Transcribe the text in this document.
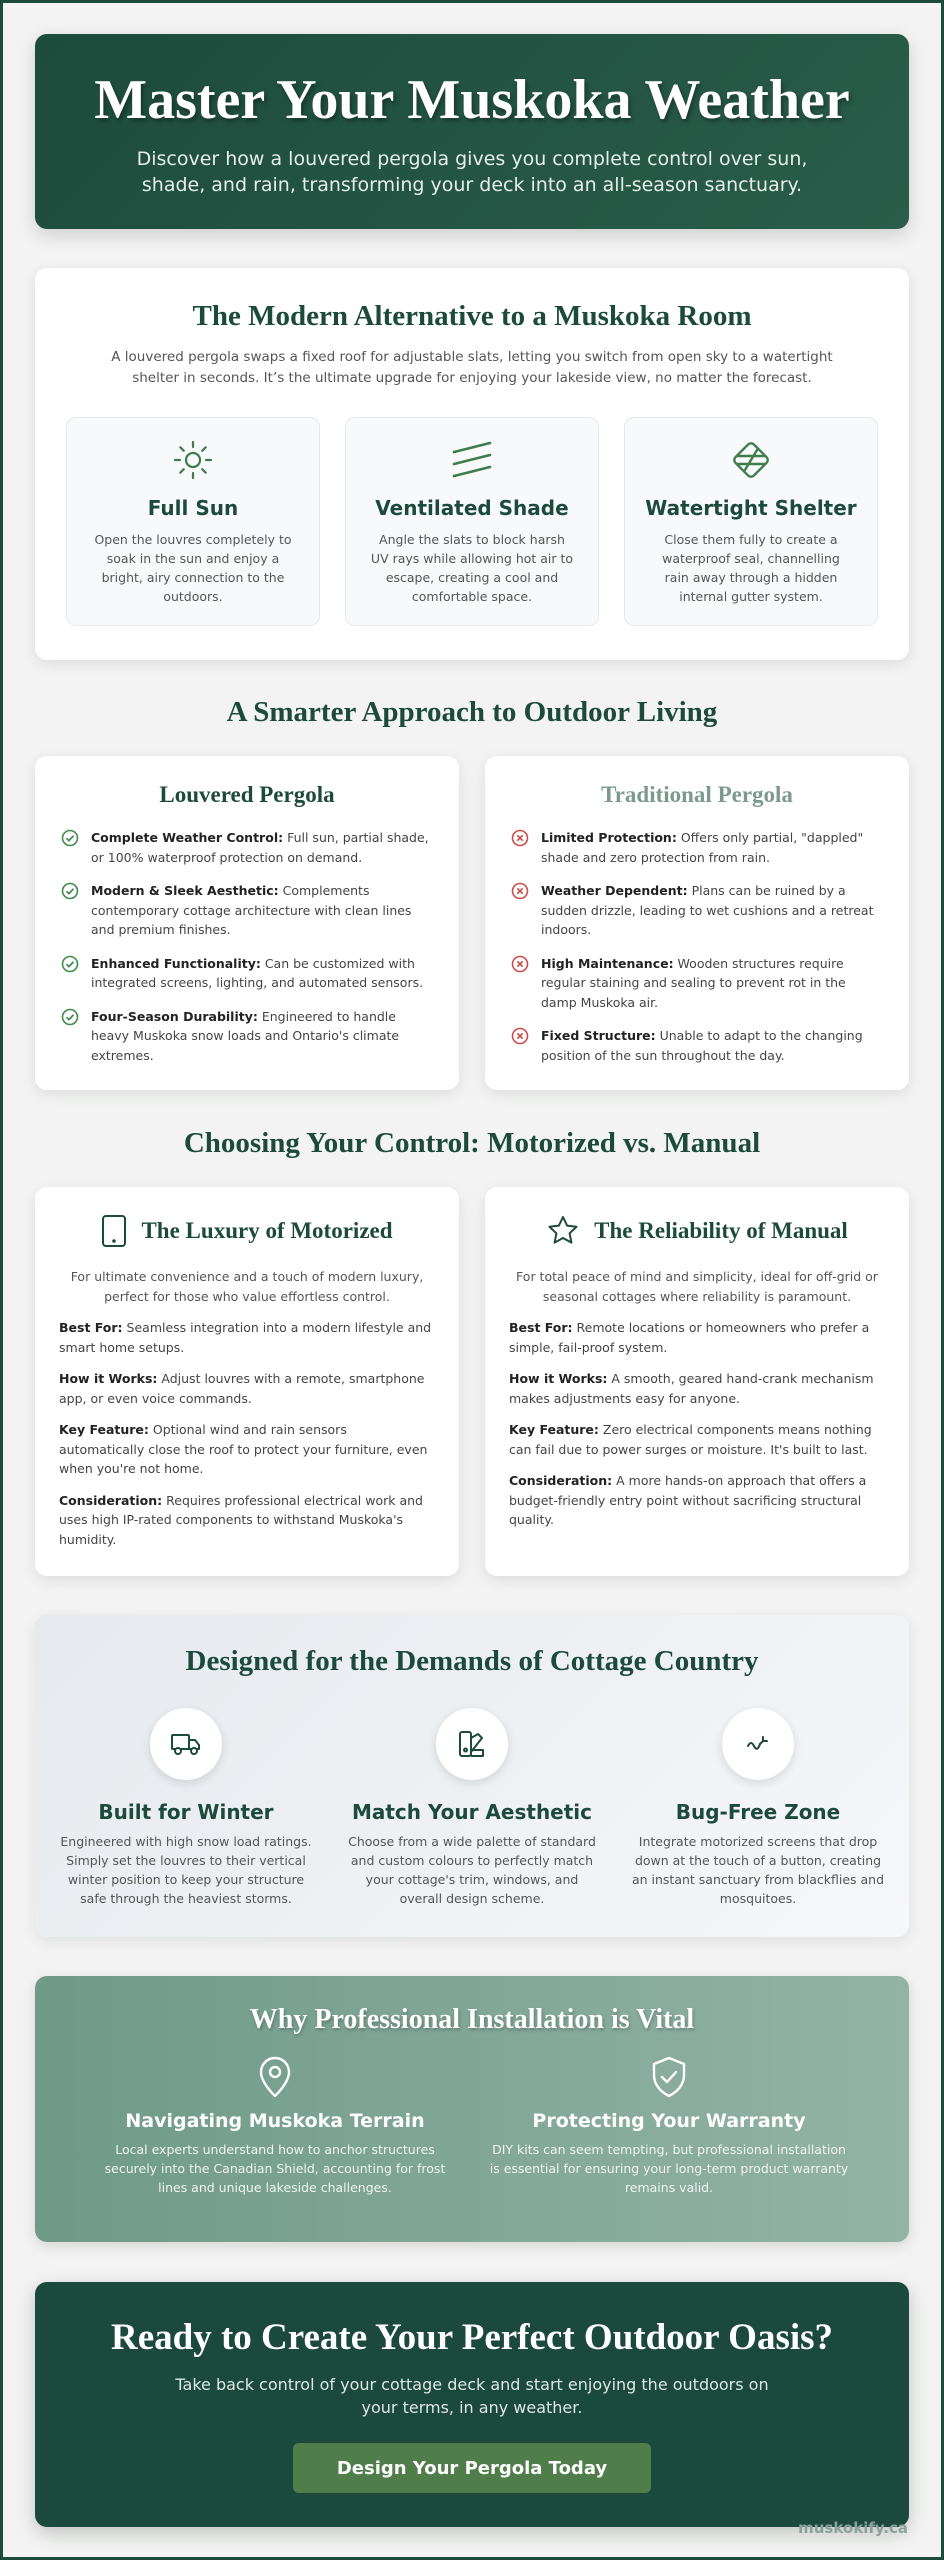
Master Your Muskoka Weather

Discover how a louvered pergola gives you complete control over sun, shade, and rain, transforming your deck into an all-season sanctuary.

The Modern Alternative to a Muskoka Room

A louvered pergola swaps a fixed roof for adjustable slats, letting you switch from open sky to a watertight shelter in seconds. It’s the ultimate upgrade for enjoying your lakeside view, no matter the forecast.

Full Sun

Open the louvres completely to soak in the sun and enjoy a bright, airy connection to the outdoors.

Ventilated Shade

Angle the slats to block harsh UV rays while allowing hot air to escape, creating a cool and comfortable space.

Watertight Shelter

Close them fully to create a waterproof seal, channelling rain away through a hidden internal gutter system.

A Smarter Approach to Outdoor Living
Louvered Pergola
Complete Weather Control: Full sun, partial shade, or 100% waterproof protection on demand.
Modern & Sleek Aesthetic: Complements contemporary cottage architecture with clean lines and premium finishes.
Enhanced Functionality: Can be customized with integrated screens, lighting, and automated sensors.
Four-Season Durability: Engineered to handle heavy Muskoka snow loads and Ontario's climate extremes.
Traditional Pergola
Limited Protection: Offers only partial, "dappled" shade and zero protection from rain.
Weather Dependent: Plans can be ruined by a sudden drizzle, leading to wet cushions and a retreat indoors.
High Maintenance: Wooden structures require regular staining and sealing to prevent rot in the damp Muskoka air.
Fixed Structure: Unable to adapt to the changing position of the sun throughout the day.
Choosing Your Control: Motorized vs. Manual
The Luxury of Motorized

For ultimate convenience and a touch of modern luxury, perfect for those who value effortless control.

Best For: Seamless integration into a modern lifestyle and smart home setups.

How it Works: Adjust louvres with a remote, smartphone app, or even voice commands.

Key Feature: Optional wind and rain sensors automatically close the roof to protect your furniture, even when you're not home.

Consideration: Requires professional electrical work and uses high IP-rated components to withstand Muskoka's humidity.

The Reliability of Manual

For total peace of mind and simplicity, ideal for off-grid or seasonal cottages where reliability is paramount.

Best For: Remote locations or homeowners who prefer a simple, fail-proof system.

How it Works: A smooth, geared hand-crank mechanism makes adjustments easy for anyone.

Key Feature: Zero electrical components means nothing can fail due to power surges or moisture. It's built to last.

Consideration: A more hands-on approach that offers a budget-friendly entry point without sacrificing structural quality.

Designed for the Demands of Cottage Country
Built for Winter

Engineered with high snow load ratings. Simply set the louvres to their vertical winter position to keep your structure safe through the heaviest storms.

Match Your Aesthetic

Choose from a wide palette of standard and custom colours to perfectly match your cottage's trim, windows, and overall design scheme.

Bug-Free Zone

Integrate motorized screens that drop down at the touch of a button, creating an instant sanctuary from blackflies and mosquitoes.

Why Professional Installation is Vital
Navigating Muskoka Terrain

Local experts understand how to anchor structures securely into the Canadian Shield, accounting for frost lines and unique lakeside challenges.

Protecting Your Warranty

DIY kits can seem tempting, but professional installation is essential for ensuring your long-term product warranty remains valid.

Ready to Create Your Perfect Outdoor Oasis?

Take back control of your cottage deck and start enjoying the outdoors on your terms, in any weather.

Design Your Pergola Today
muskokify.ca
